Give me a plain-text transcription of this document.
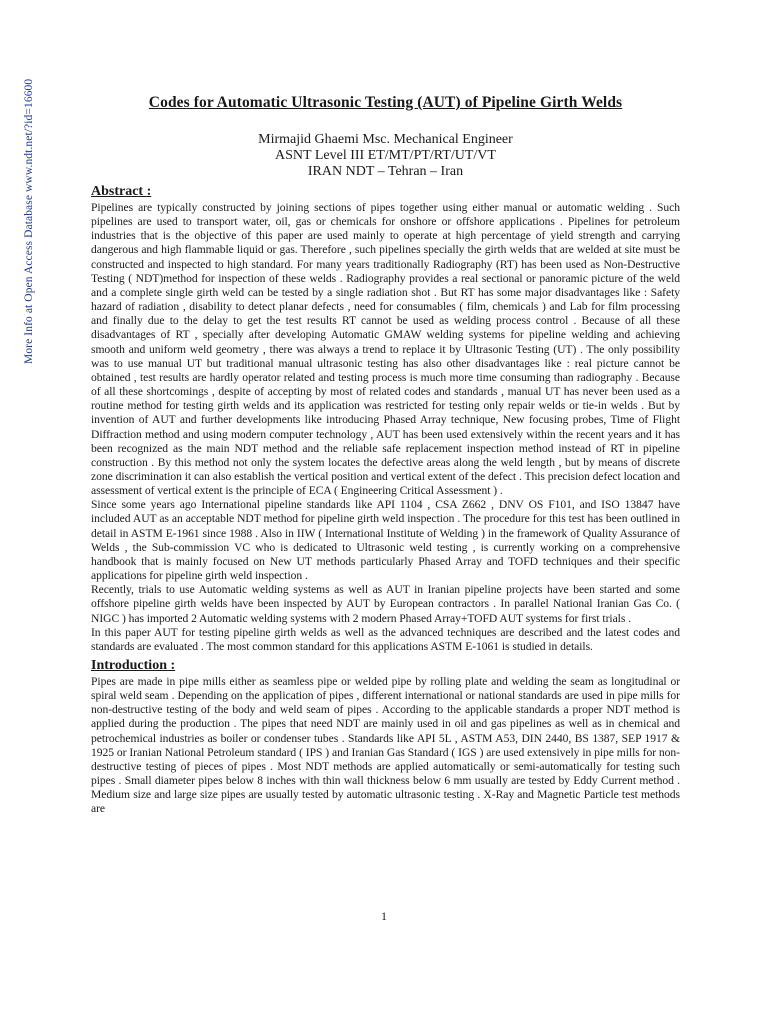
More Info at Open Access Database www.ndt.net/?id=16600	Codes for Automatic Ultrasonic Testing (AUT) of Pipeline Girth Welds

Mirmajid Ghaemi Msc. Mechanical Engineer

ASNT Level III ET/MT/PT/RT/UT/VT

IRAN NDT – Tehran – Iran

Abstract :

Pipelines are typically constructed by joining sections of pipes together using either manual or automatic welding . Such pipelines are used to transport water, oil, gas or chemicals for onshore or offshore applications . Pipelines for petroleum industries that is the objective of this paper are used mainly to operate at high percentage of yield strength and carrying dangerous and high flammable liquid or gas. Therefore , such pipelines specially the girth welds that are welded at site must be constructed and inspected to high standard. For many years traditionally Radiography (RT) has been used as Non-Destructive Testing ( NDT)method for inspection of these welds . Radiography provides a real sectional or panoramic picture of the weld and a complete single girth weld can be tested by a single radiation shot . But RT has some major disadvantages like : Safety hazard of radiation , disability to detect planar defects , need for consumables ( film, chemicals ) and Lab for film processing and finally due to the delay to get the test results RT cannot be used as welding process control . Because of all these disadvantages of RT , specially after developing Automatic GMAW welding systems for pipeline welding and achieving smooth and uniform weld geometry , there was always a trend to replace it by Ultrasonic Testing (UT) . The only possibility was to use manual UT but traditional manual ultrasonic testing has also other disadvantages like : real picture cannot be obtained , test results are hardly operator related and testing process is much more time consuming than radiography . Because of all these shortcomings , despite of accepting by most of related codes and standards , manual UT has never been used as a routine method for testing girth welds and its application was restricted for testing only repair welds or tie-in welds . But by invention of AUT and further developments like introducing Phased Array technique, New focusing probes, Time of Flight Diffraction method and using modern computer technology , AUT has been used extensively within the recent years and it has been recognized as the main NDT method and the reliable safe replacement inspection method instead of RT in pipeline construction . By this method not only the system locates the defective areas along the weld length , but by means of discrete zone discrimination it can also establish the vertical position and vertical extent of the defect . This precision defect location and assessment of vertical extent is the principle of ECA ( Engineering Critical Assessment ) .

Since some years ago International pipeline standards like API 1104 , CSA Z662 , DNV OS F101, and ISO 13847 have included AUT as an acceptable NDT method for pipeline girth weld inspection . The procedure for this test has been outlined in detail in ASTM E-1961 since 1988 . Also in IIW ( International Institute of Welding ) in the framework of Quality Assurance of Welds , the Sub-commission VC who is dedicated to Ultrasonic weld testing , is currently working on a comprehensive handbook that is mainly focused on New UT methods particularly Phased Array and TOFD techniques and their specific applications for pipeline girth weld inspection .

Recently, trials to use Automatic welding systems as well as AUT in Iranian pipeline projects have been started and some offshore pipeline girth welds have been inspected by AUT by European contractors . In parallel National Iranian Gas Co. ( NIGC ) has imported 2 Automatic welding systems with 2 modern Phased Array+TOFD AUT systems for first trials .

In this paper AUT for testing pipeline girth welds as well as the advanced techniques are described and the latest codes and standards are evaluated . The most common standard for this applications ASTM E-1061 is studied in details.

Introduction :

Pipes are made in pipe mills either as seamless pipe or welded pipe by rolling plate and welding the seam as longitudinal or spiral weld seam . Depending on the application of pipes , different international or national standards are used in pipe mills for non-destructive testing of the body and weld seam of pipes . According to the applicable standards a proper NDT method is applied during the production . The pipes that need NDT are mainly used in oil and gas pipelines as well as in chemical and petrochemical industries as boiler or condenser tubes . Standards like API 5L , ASTM A53, DIN 2440, BS 1387, SEP 1917 & 1925 or Iranian National Petroleum standard ( IPS ) and Iranian Gas Standard ( IGS ) are used extensively in pipe mills for non-destructive testing of pieces of pipes . Most NDT methods are applied automatically or semi-automatically for testing such pipes . Small diameter pipes below 8 inches with thin wall thickness below 6 mm usually are tested by Eddy Current method . Medium size and large size pipes are usually tested by automatic ultrasonic testing . X-Ray and Magnetic Particle test methods are

1
